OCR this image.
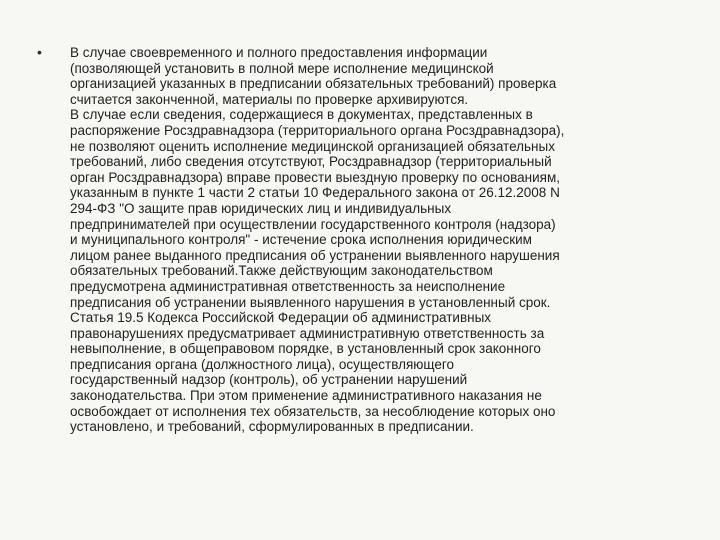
• В случае своевременного и полного предоставления информации
(позволяющей установить в полной мере исполнение медицинской
организацией указанных в предписании обязательных требований) проверка
считается законченной, материалы по проверке архивируются.
В случае если сведения, содержащиеся в документах, представленных в
распоряжение Росздравнадзора (территориального органа Росздравнадзора),
не позволяют оценить исполнение медицинской организацией обязательных
требований, либо сведения отсутствуют, Росздравнадзор (территориальный
орган Росздравнадзора) вправе провести выездную проверку по основаниям,
указанным в пункте 1 части 2 статьи 10 Федерального закона от 26.12.2008 N
294-ФЗ "О защите прав юридических лиц и индивидуальных
предпринимателей при осуществлении государственного контроля (надзора)
и муниципального контроля" - истечение срока исполнения юридическим
лицом ранее выданного предписания об устранении выявленного нарушения
обязательных требований.Также действующим законодательством
предусмотрена административная ответственность за неисполнение
предписания об устранении выявленного нарушения в установленный срок.
Статья 19.5 Кодекса Российской Федерации об административных
правонарушениях предусматривает административную ответственность за
невыполнение, в общеправовом порядке, в установленный срок законного
предписания органа (должностного лица), осуществляющего
государственный надзор (контроль), об устранении нарушений
законодательства. При этом применение административного наказания не
освобождает от исполнения тех обязательств, за несоблюдение которых оно
установлено, и требований, сформулированных в предписании.
